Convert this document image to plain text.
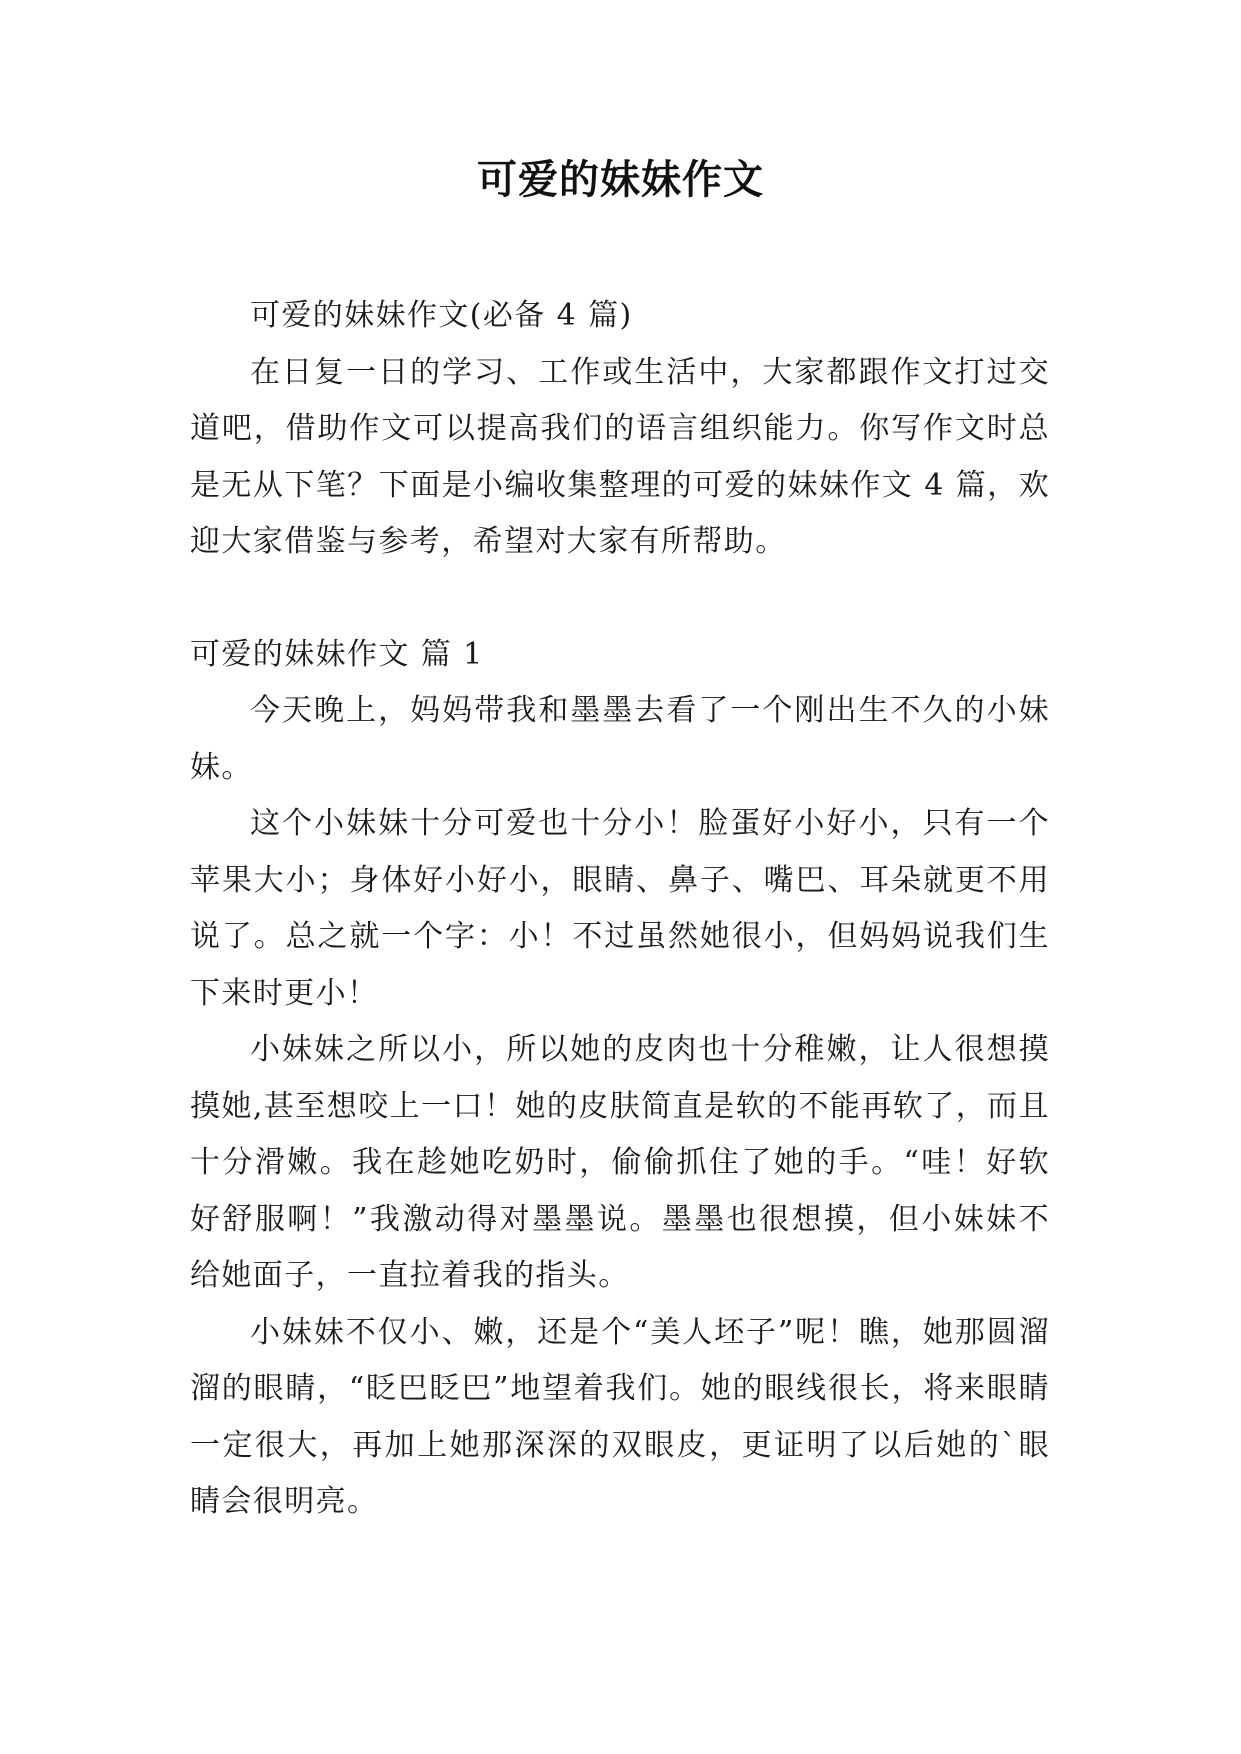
可爱的妹妹作文

可爱的妹妹作文(必备 4 篇)

在日复一日的学习、工作或生活中，大家都跟作文打过交道吧，借助作文可以提高我们的语言组织能力。你写作文时总是无从下笔？下面是小编收集整理的可爱的妹妹作文 4 篇，欢迎大家借鉴与参考，希望对大家有所帮助。

可爱的妹妹作文 篇 1

今天晚上，妈妈带我和墨墨去看了一个刚出生不久的小妹妹。

这个小妹妹十分可爱也十分小！脸蛋好小好小，只有一个苹果大小；身体好小好小，眼睛、鼻子、嘴巴、耳朵就更不用说了。总之就一个字：小！不过虽然她很小，但妈妈说我们生下来时更小！

小妹妹之所以小，所以她的皮肉也十分稚嫩，让人很想摸摸她,甚至想咬上一口！她的皮肤简直是软的不能再软了，而且十分滑嫩。我在趁她吃奶时，偷偷抓住了她的手。“哇！好软好舒服啊！”我激动得对墨墨说。墨墨也很想摸，但小妹妹不给她面子，一直拉着我的指头。

小妹妹不仅小、嫩，还是个“美人坯子”呢！瞧，她那圆溜溜的眼睛，“眨巴眨巴”地望着我们。她的眼线很长，将来眼睛一定很大，再加上她那深深的双眼皮，更证明了以后她的`眼睛会很明亮。
